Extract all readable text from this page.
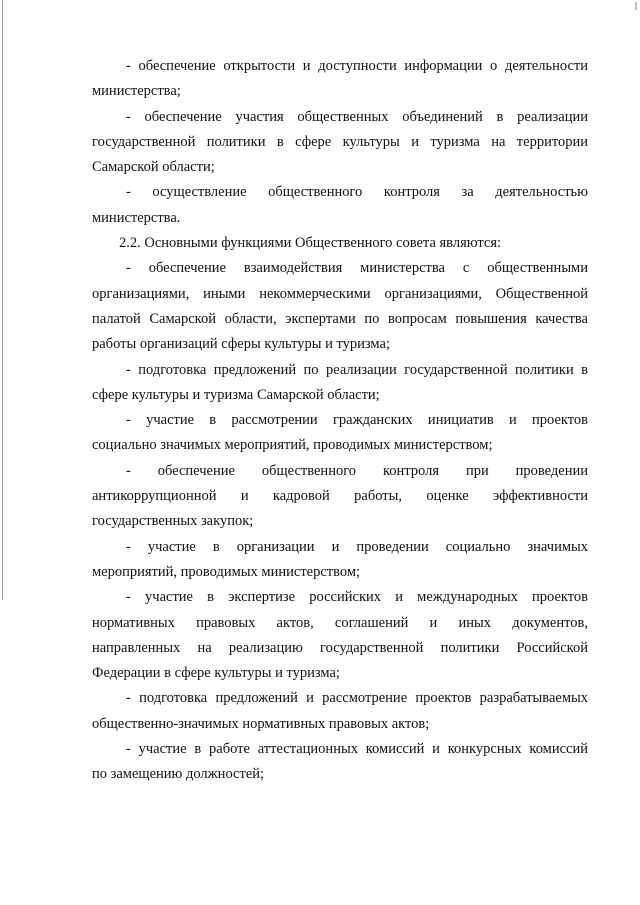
- обеспечение открытости и доступности информации о деятельности
министерства;
- обеспечение участия общественных объединений в реализации
государственной политики в сфере культуры и туризма на территории
Самарской области;
- осуществление общественного контроля за деятельностью
министерства.
2.2. Основными функциями Общественного совета являются:
- обеспечение взаимодействия министерства с общественными
организациями, иными некоммерческими организациями, Общественной
палатой Самарской области, экспертами по вопросам повышения качества
работы организаций сферы культуры и туризма;
- подготовка предложений по реализации государственной политики в
сфере культуры и туризма Самарской области;
- участие в рассмотрении гражданских инициатив и проектов
социально значимых мероприятий, проводимых министерством;
- обеспечение общественного контроля при проведении
антикоррупционной и кадровой работы, оценке эффективности
государственных закупок;
- участие в организации и проведении социально значимых
мероприятий, проводимых министерством;
- участие в экспертизе российских и международных проектов
нормативных правовых актов, соглашений и иных документов,
направленных на реализацию государственной политики Российской
Федерации в сфере культуры и туризма;
- подготовка предложений и рассмотрение проектов разрабатываемых
общественно-значимых нормативных правовых актов;
- участие в работе аттестационных комиссий и конкурсных комиссий
по замещению должностей;
